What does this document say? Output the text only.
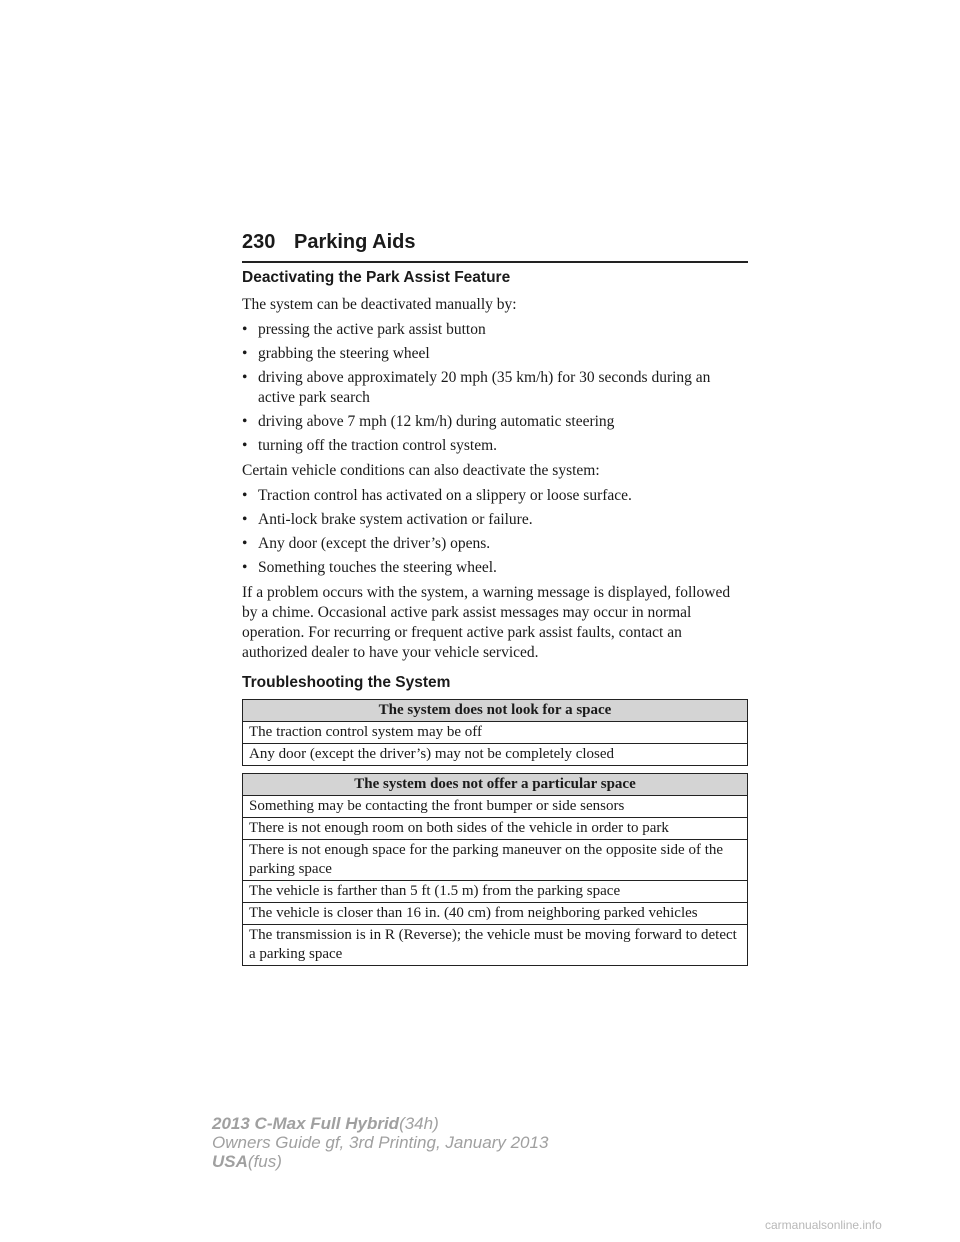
230 Parking Aids
Deactivating the Park Assist Feature
The system can be deactivated manually by:
• pressing the active park assist button
• grabbing the steering wheel
• driving above approximately 20 mph (35 km/h) for 30 seconds during an active park search
• driving above 7 mph (12 km/h) during automatic steering
• turning off the traction control system.
Certain vehicle conditions can also deactivate the system:
• Traction control has activated on a slippery or loose surface.
• Anti-lock brake system activation or failure.
• Any door (except the driver’s) opens.
• Something touches the steering wheel.
If a problem occurs with the system, a warning message is displayed, followed by a chime. Occasional active park assist messages may occur in normal operation. For recurring or frequent active park assist faults, contact an authorized dealer to have your vehicle serviced.
Troubleshooting the System
The system does not look for a space
The traction control system may be off
Any door (except the driver’s) may not be completely closed
The system does not offer a particular space
Something may be contacting the front bumper or side sensors
There is not enough room on both sides of the vehicle in order to park
There is not enough space for the parking maneuver on the opposite side of the parking space
The vehicle is farther than 5 ft (1.5 m) from the parking space
The vehicle is closer than 16 in. (40 cm) from neighboring parked vehicles
The transmission is in R (Reverse); the vehicle must be moving forward to detect a parking space
2013 C-Max Full Hybrid(34h)
Owners Guide gf, 3rd Printing, January 2013
USA(fus)
carmanualsonline.info
